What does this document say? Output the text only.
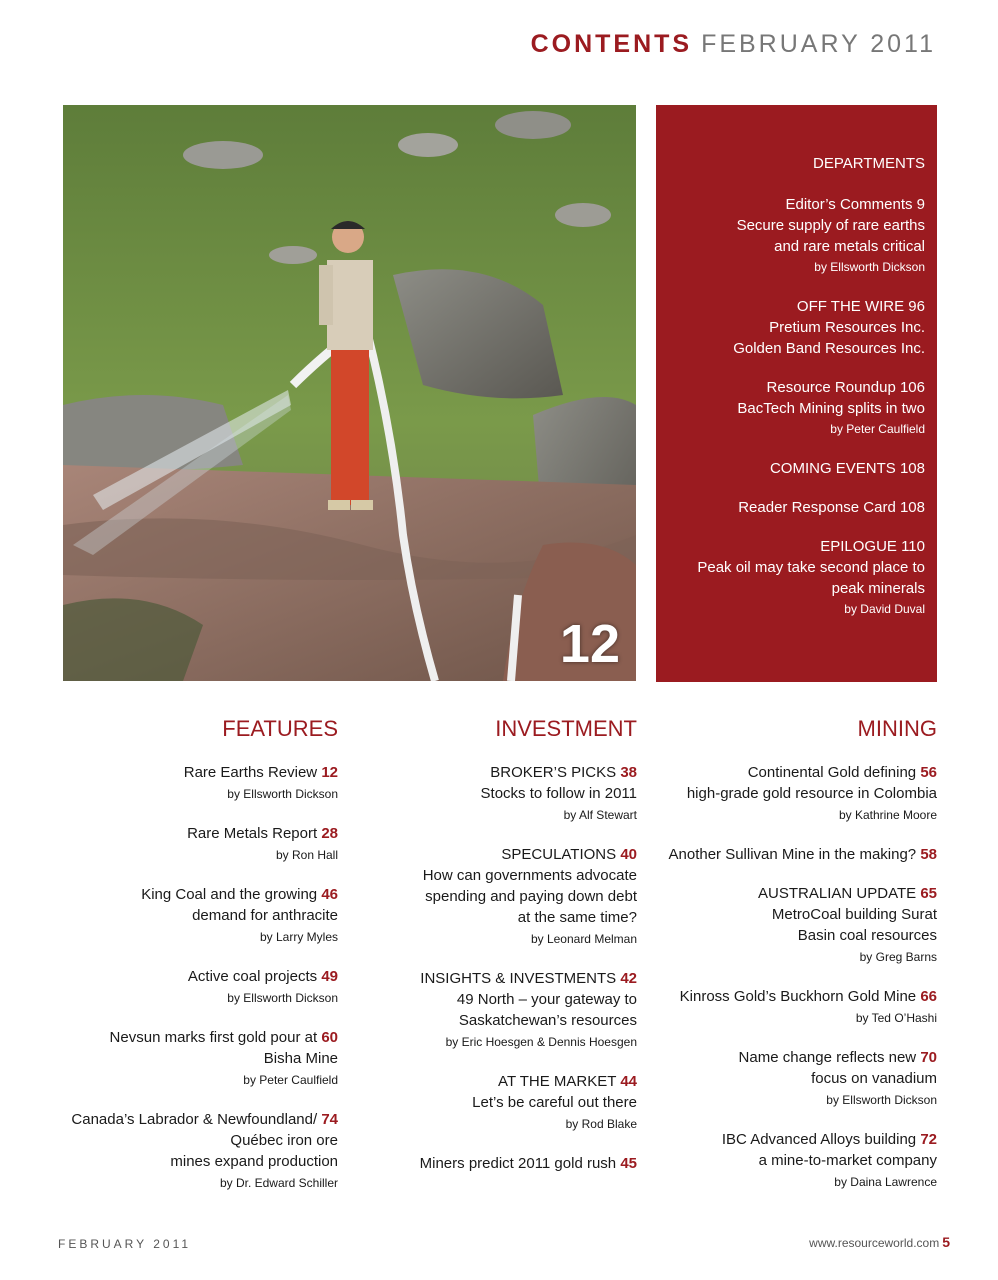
CONTENTS FEBRUARY 2011
12
DEPARTMENTS
Editor’s Comments 9
Secure supply of rare earths
and rare metals critical
by Ellsworth Dickson
OFF THE WIRE 96
Pretium Resources Inc.
Golden Band Resources Inc.
Resource Roundup 106
BacTech Mining splits in two
by Peter Caulfield
COMING EVENTS 108
Reader Response Card 108
EPILOGUE 110
Peak oil may take second place to
peak minerals
by David Duval
FEATURES
Rare Earths Review 12
by Ellsworth Dickson
Rare Metals Report 28
by Ron Hall
King Coal and the growing 46
demand for anthracite
by Larry Myles
Active coal projects 49
by Ellsworth Dickson
Nevsun marks first gold pour at 60
Bisha Mine
by Peter Caulfield
Canada’s Labrador & Newfoundland/ 74
Québec iron ore
mines expand production
by Dr. Edward Schiller
INVESTMENT
BROKER’S PICKS 38
Stocks to follow in 2011
by Alf Stewart
SPECULATIONS 40
How can governments advocate
spending and paying down debt
at the same time?
by Leonard Melman
INSIGHTS & INVESTMENTS 42
49 North – your gateway to
Saskatchewan’s resources
by Eric Hoesgen & Dennis Hoesgen
AT THE MARKET 44
Let’s be careful out there
by Rod Blake
Miners predict 2011 gold rush 45
MINING
Continental Gold defining 56
high-grade gold resource in Colombia
by Kathrine Moore
Another Sullivan Mine in the making? 58
AUSTRALIAN UPDATE 65
MetroCoal building Surat
Basin coal resources
by Greg Barns
Kinross Gold’s Buckhorn Gold Mine 66
by Ted O’Hashi
Name change reflects new 70
focus on vanadium
by Ellsworth Dickson
IBC Advanced Alloys building 72
a mine-to-market company
by Daina Lawrence
FEBRUARY 2011	www.resourceworld.com 5
